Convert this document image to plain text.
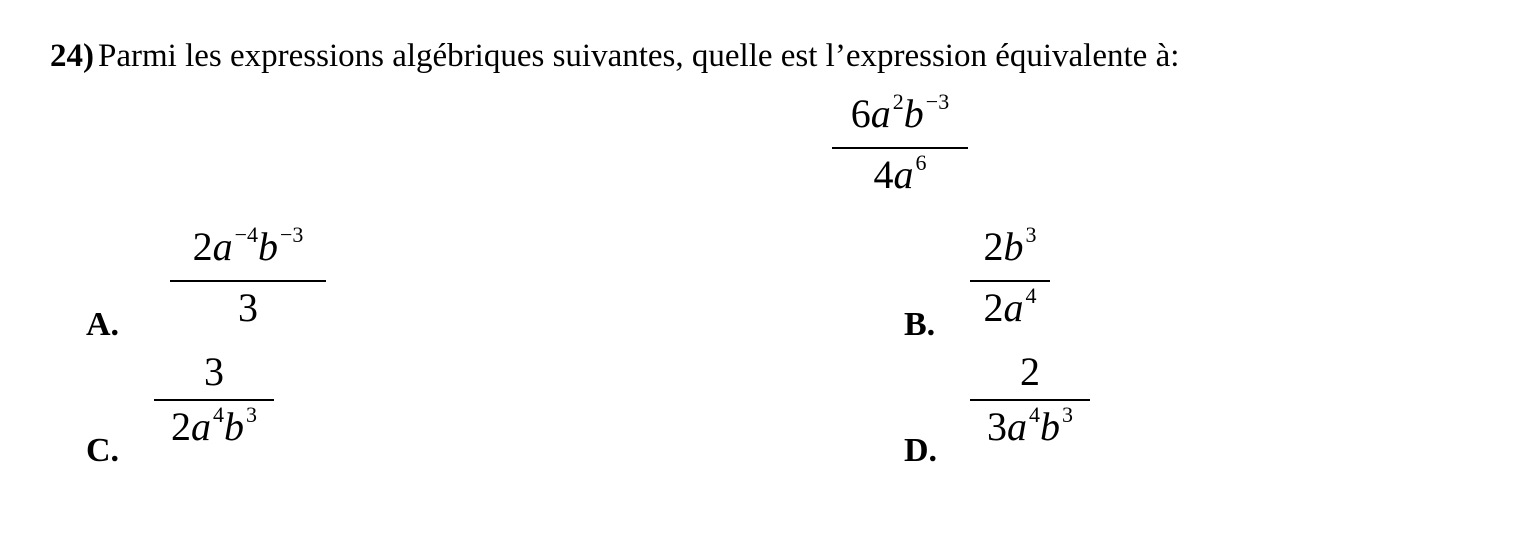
24) Parmi les expressions algébriques suivantes, quelle est l’expression équivalente à:
$6a^2b^{-3}$
$4a^6$
A.
$2a^{-4}b^{-3}$
3	B.
$2b^3$
$2a^4$
C.
3
$2a^4b^3$
D.
2
$3a^4b^3$
